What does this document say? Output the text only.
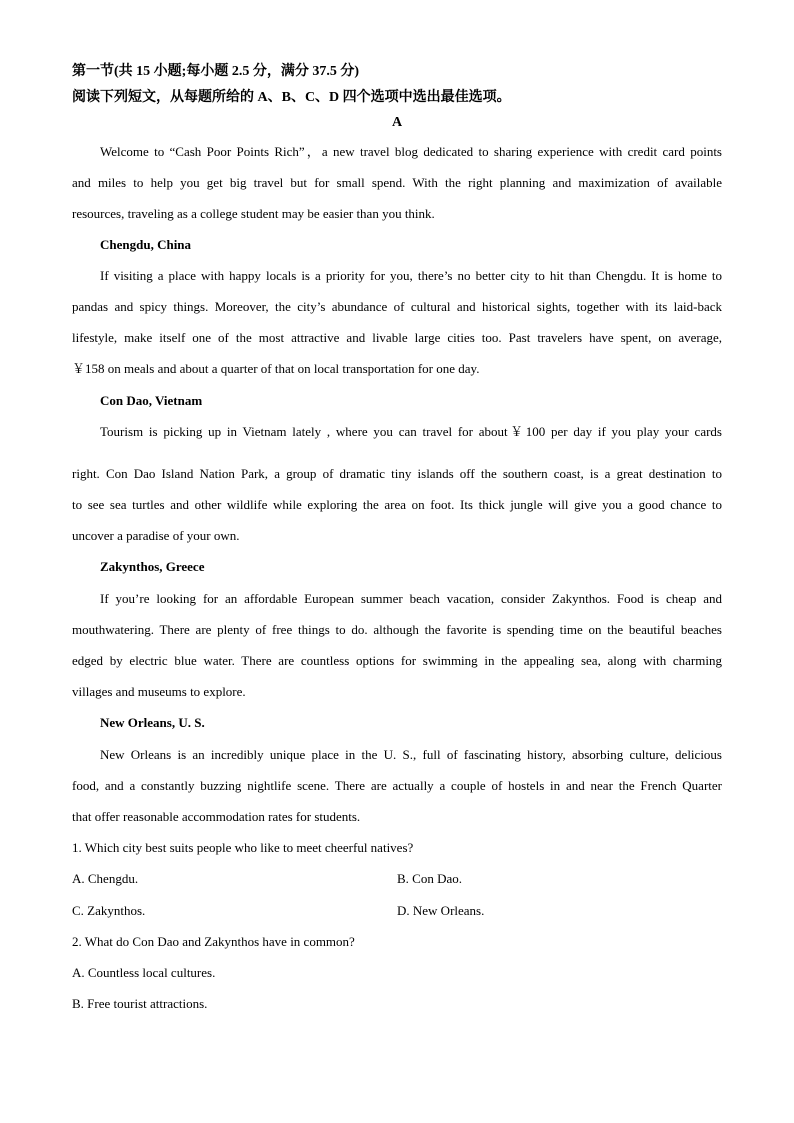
第一节(共 15 小题;每小题 2.5 分，满分 37.5 分)
阅读下列短文，从每题所给的 A、B、C、D 四个选项中选出最佳选项。
A
Welcome to “Cash Poor Points Rich”，a new travel blog dedicated to sharing experience with credit card points
and miles to help you get big travel but for small spend. With the right planning and maximization of available
resources, traveling as a college student may be easier than you think.
Chengdu, China
If visiting a place with happy locals is a priority for you, there’s no better city to hit than Chengdu. It is home to
pandas and spicy things. Moreover, the city’s abundance of cultural and historical sights, together with its laid-back
lifestyle, make itself one of the most attractive and livable large cities too. Past travelers have spent, on average,
￥158 on meals and about a quarter of that on local transportation for one day.
Con Dao, Vietnam
Tourism is picking up in Vietnam lately , where you can travel for about￥100 per day if you play your cards
right. Con Dao Island Nation Park, a group of dramatic tiny islands off the southern coast, is a great destination to
to see sea turtles and other wildlife while exploring the area on foot. Its thick jungle will give you a good chance to
uncover a paradise of your own.
Zakynthos, Greece
If you’re looking for an affordable European summer beach vacation, consider Zakynthos. Food is cheap and
mouthwatering. There are plenty of free things to do. although the favorite is spending time on the beautiful beaches
edged by electric blue water. There are countless options for swimming in the appealing sea, along with charming
villages and museums to explore.
New Orleans, U. S.
New Orleans is an incredibly unique place in the U. S., full of fascinating history, absorbing culture, delicious
food, and a constantly buzzing nightlife scene. There are actually a couple of hostels in and near the French Quarter
that offer reasonable accommodation rates for students.
1. Which city best suits people who like to meet cheerful natives?
A. Chengdu.	B. Con Dao.
C. Zakynthos.	D. New Orleans.
2. What do Con Dao and Zakynthos have in common?
A. Countless local cultures.
B. Free tourist attractions.
